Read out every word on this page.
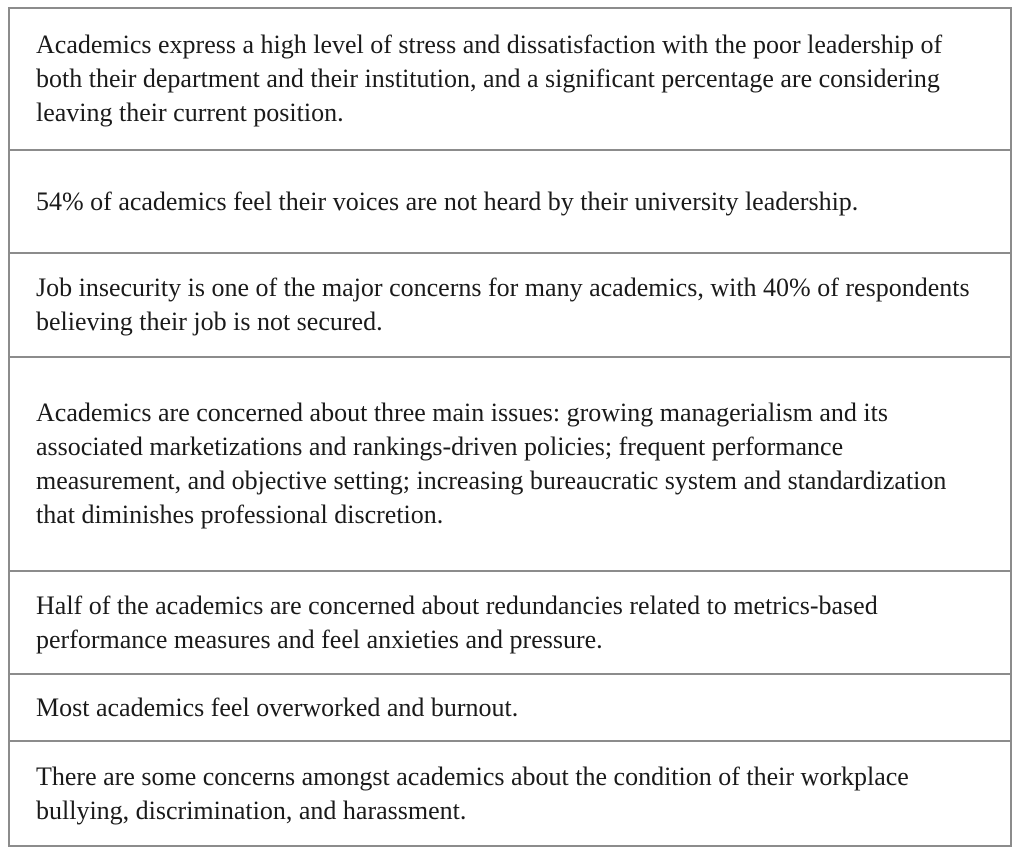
Academics express a high level of stress and dissatisfaction with the poor leadership of both their department and their institution, and a significant percentage are considering leaving their current position.
54% of academics feel their voices are not heard by their university leadership.
Job insecurity is one of the major concerns for many academics, with 40% of respondents believing their job is not secured.
Academics are concerned about three main issues: growing managerialism and its associated marketizations and rankings-driven policies; frequent performance measurement, and objective setting; increasing bureaucratic system and standardization that diminishes professional discretion.
Half of the academics are concerned about redundancies related to metrics-based performance measures and feel anxieties and pressure.
Most academics feel overworked and burnout.
There are some concerns amongst academics about the condition of their workplace bullying, discrimination, and harassment.
